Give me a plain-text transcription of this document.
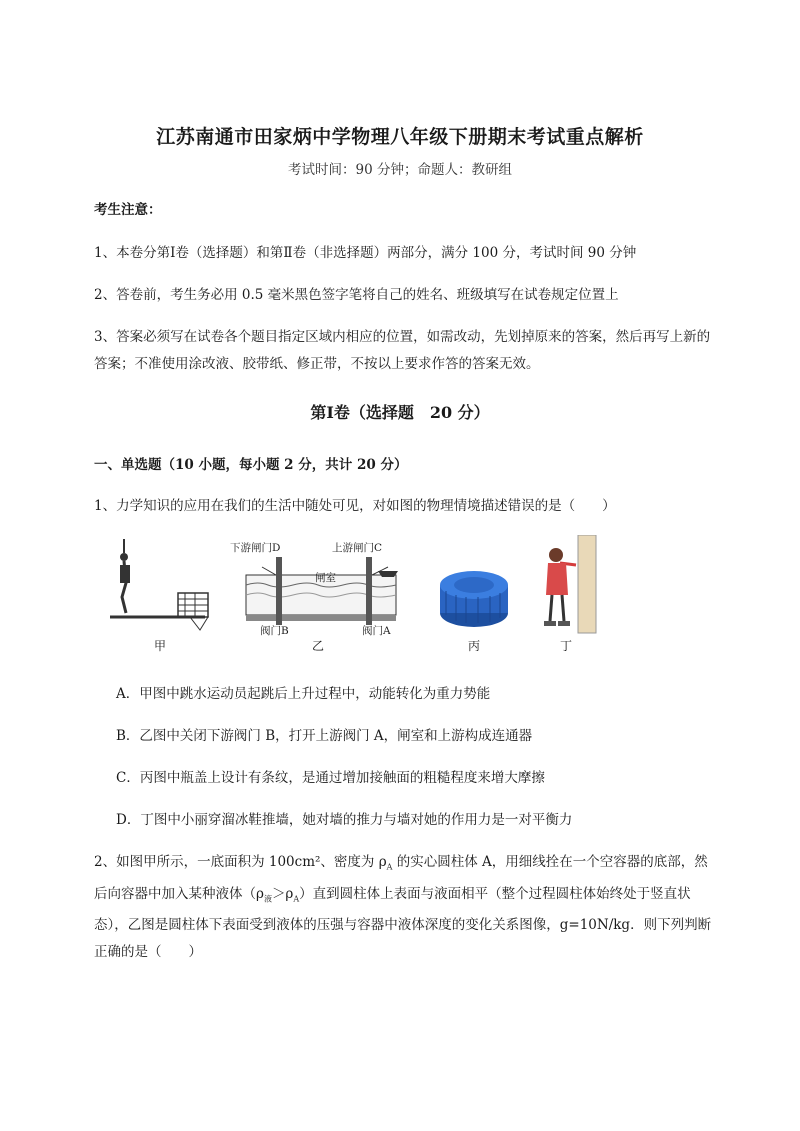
江苏南通市田家炳中学物理八年级下册期末考试重点解析
考试时间：90 分钟；命题人：教研组
考生注意：
1、本卷分第Ⅰ卷（选择题）和第Ⅱ卷（非选择题）两部分，满分 100 分，考试时间 90 分钟
2、答卷前，考生务必用 0.5 毫米黑色签字笔将自己的姓名、班级填写在试卷规定位置上
3、答案必须写在试卷各个题目指定区域内相应的位置，如需改动，先划掉原来的答案，然后再写上新的答案；不准使用涂改液、胶带纸、修正带，不按以上要求作答的答案无效。
第Ⅰ卷（选择题　20 分）
一、单选题（10 小题，每小题 2 分，共计 20 分）
1、力学知识的应用在我们的生活中随处可见，对如图的物理情境描述错误的是（　　）
甲
下游闸门D	上游闸门C
闸室
阀门B	阀门A
乙	丙	丁
A．甲图中跳水运动员起跳后上升过程中，动能转化为重力势能
B．乙图中关闭下游阀门 B，打开上游阀门 A，闸室和上游构成连通器
C．丙图中瓶盖上设计有条纹，是通过增加接触面的粗糙程度来增大摩擦
D．丁图中小丽穿溜冰鞋推墙，她对墙的推力与墙对她的作用力是一对平衡力
2、如图甲所示，一底面积为 100cm²、密度为 $\rho_A$ 的实心圆柱体 A，用细线拴在一个空容器的底部，然后向容器中加入某种液体$(\rho_液>\rho_A)$直到圆柱体上表面与液面相平（整个过程圆柱体始终处于竖直状态），乙图是圆柱体下表面受到液体的压强与容器中液体深度的变化关系图像，g=10N/kg．则下列判断正确的是（　　）
